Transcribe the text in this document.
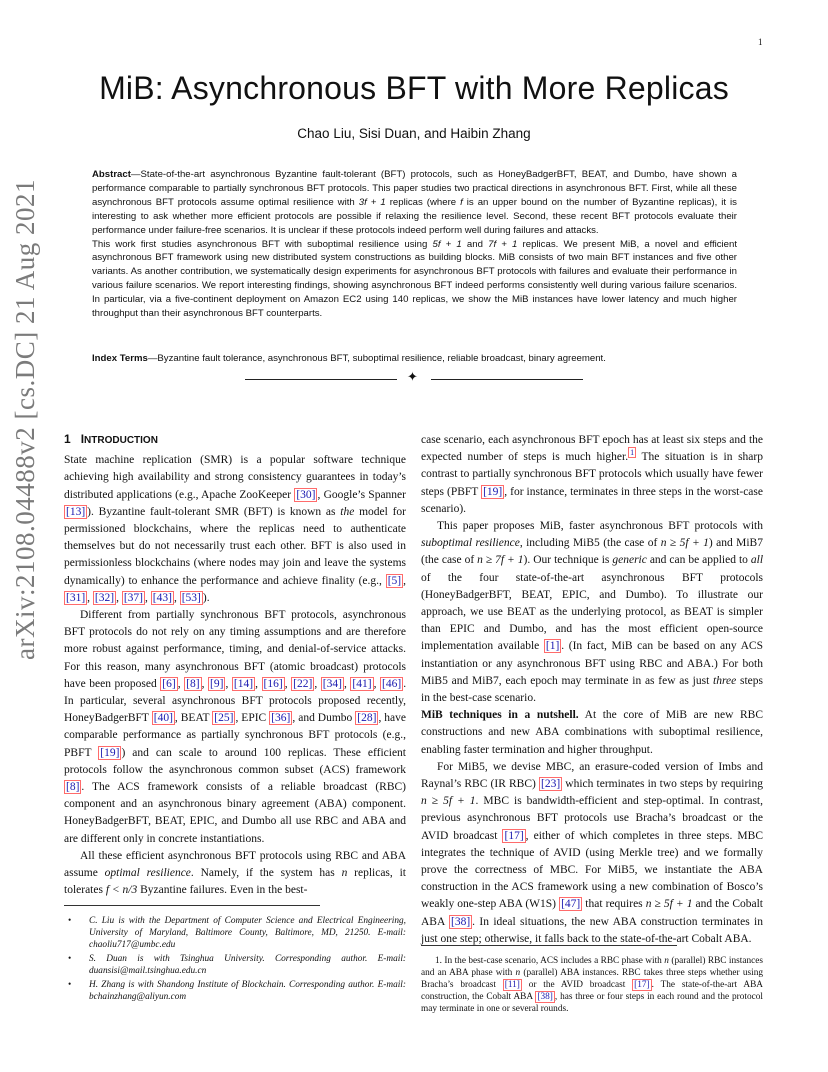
1
arXiv:2108.04488v2 [cs.DC] 21 Aug 2021
MiB: Asynchronous BFT with More Replicas
Chao Liu, Sisi Duan, and Haibin Zhang
Abstract—State-of-the-art asynchronous Byzantine fault-tolerant (BFT) protocols, such as HoneyBadgerBFT, BEAT, and Dumbo, have shown a performance comparable to partially synchronous BFT protocols. This paper studies two practical directions in asynchronous BFT. First, while all these asynchronous BFT protocols assume optimal resilience with 3f + 1 replicas (where f is an upper bound on the number of Byzantine replicas), it is interesting to ask whether more efficient protocols are possible if relaxing the resilience level. Second, these recent BFT protocols evaluate their performance under failure-free scenarios. It is unclear if these protocols indeed perform well during failures and attacks.
This work first studies asynchronous BFT with suboptimal resilience using 5f + 1 and 7f + 1 replicas. We present MiB, a novel and efficient asynchronous BFT framework using new distributed system constructions as building blocks. MiB consists of two main BFT instances and five other variants. As another contribution, we systematically design experiments for asynchronous BFT protocols with failures and evaluate their performance in various failure scenarios. We report interesting findings, showing asynchronous BFT indeed performs consistently well during various failure scenarios. In particular, via a five-continent deployment on Amazon EC2 using 140 replicas, we show the MiB instances have lower latency and much higher throughput than their asynchronous BFT counterparts.
Index Terms—Byzantine fault tolerance, asynchronous BFT, suboptimal resilience, reliable broadcast, binary agreement.
✦
1 INTRODUCTION

State machine replication (SMR) is a popular software technique achieving high availability and strong consistency guarantees in today’s distributed applications (e.g., Apache ZooKeeper [30] , Google’s Spanner [13] ). Byzantine fault-tolerant SMR (BFT) is known as the model for permissioned blockchains, where the replicas need to authenticate themselves but do not necessarily trust each other. BFT is also used in permissionless blockchains (where nodes may join and leave the systems dynamically) to enhance the performance and achieve finality (e.g., [5] , [31] , [32] , [37] , [43] , [53] ).

Different from partially synchronous BFT protocols, asynchronous BFT protocols do not rely on any timing assumptions and are therefore more robust against performance, timing, and denial-of-service attacks. For this reason, many asynchronous BFT (atomic broadcast) protocols have been proposed [6] , [8] , [9] , [14] , [16] , [22] , [34] , [41] , [46] . In particular, several asynchronous BFT protocols proposed recently, HoneyBadgerBFT [40] , BEAT [25] , EPIC [36] , and Dumbo [28] , have comparable performance as partially synchronous BFT protocols (e.g., PBFT [19] ) and can scale to around 100 replicas. These efficient protocols follow the asynchronous common subset (ACS) framework [8] . The ACS framework consists of a reliable broadcast (RBC) component and an asynchronous binary agreement (ABA) component. HoneyBadgerBFT, BEAT, EPIC, and Dumbo all use RBC and ABA and are different only in concrete instantiations.

All these efficient asynchronous BFT protocols using RBC and ABA assume optimal resilience. Namely, if the system has n replicas, it tolerates f < n/3 Byzantine failures. Even in the best-

• C. Liu is with the Department of Computer Science and Electrical Engineering, University of Maryland, Baltimore County, Baltimore, MD, 21250. E-mail: chaoliu717@umbc.edu
• S. Duan is with Tsinghua University. Corresponding author. E-mail: duansisi@mail.tsinghua.edu.cn
• H. Zhang is with Shandong Institute of Blockchain. Corresponding author. E-mail: bchainzhang@aliyun.com

case scenario, each asynchronous BFT epoch has at least six steps and the expected number of steps is much higher. $^1$ The situation is in sharp contrast to partially synchronous BFT protocols which usually have fewer steps (PBFT [19] , for instance, terminates in three steps in the worst-case scenario).

This paper proposes MiB, faster asynchronous BFT protocols with suboptimal resilience, including MiB5 (the case of n ≥ 5f + 1) and MiB7 (the case of n ≥ 7f + 1). Our technique is generic and can be applied to all of the four state-of-the-art asynchronous BFT protocols (HoneyBadgerBFT, BEAT, EPIC, and Dumbo). To illustrate our approach, we use BEAT as the underlying protocol, as BEAT is simpler than EPIC and Dumbo, and has the most efficient open-source implementation available [1] . (In fact, MiB can be based on any ACS instantiation or any asynchronous BFT using RBC and ABA.) For both MiB5 and MiB7, each epoch may terminate in as few as just three steps in the best-case scenario.

MiB techniques in a nutshell. At the core of MiB are new RBC constructions and new ABA combinations with suboptimal resilience, enabling faster termination and higher throughput.

For MiB5, we devise MBC, an erasure-coded version of Imbs and Raynal’s RBC (IR RBC) [23] which terminates in two steps by requiring n ≥ 5f + 1. MBC is bandwidth-efficient and step-optimal. In contrast, previous asynchronous BFT protocols use Bracha’s broadcast or the AVID broadcast [17] , either of which completes in three steps. MBC integrates the technique of AVID (using Merkle tree) and we formally prove the correctness of MBC. For MiB5, we instantiate the ABA construction in the ACS framework using a new combination of Bosco’s weakly one-step ABA (W1S) [47] that requires n ≥ 5f + 1 and the Cobalt ABA [38] . In ideal situations, the new ABA construction terminates in just one step; otherwise, it falls back to the state-of-the-art Cobalt ABA.

1. In the best-case scenario, ACS includes a RBC phase with n (parallel) RBC instances and an ABA phase with n (parallel) ABA instances. RBC takes three steps whether using Bracha’s broadcast [11] or the AVID broadcast [17] . The state-of-the-art ABA construction, the Cobalt ABA [38] , has three or four steps in each round and the protocol may terminate in one or several rounds.
